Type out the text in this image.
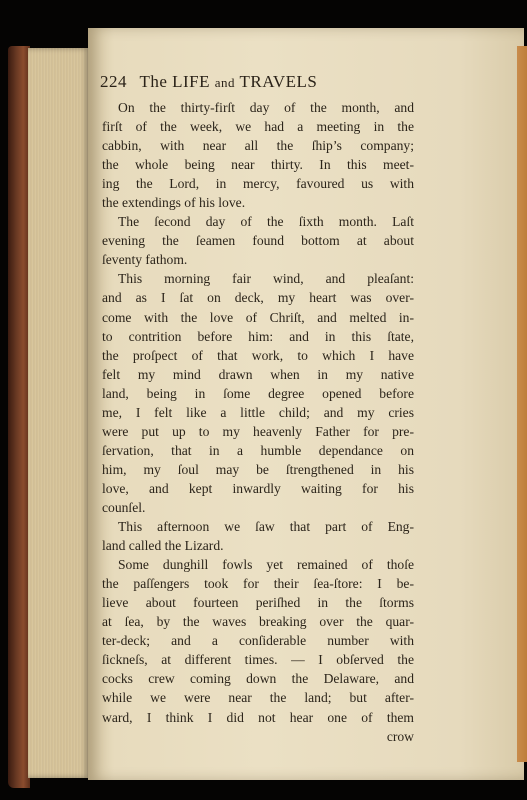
224 The LIFE and TRAVELS
On the thirty-firſt day of the month, and
firſt of the week, we had a meeting in the
cabbin, with near all the ſhip’s company;
the whole being near thirty. In this meet-
ing the Lord, in mercy, favoured us with
the extendings of his love.
The ſecond day of the ſixth month. Laſt
evening the ſeamen found bottom at about
ſeventy fathom.
This morning fair wind, and pleaſant:
and as I ſat on deck, my heart was over-
come with the love of Chriſt, and melted in-
to contrition before him: and in this ſtate,
the proſpect of that work, to which I have
felt my mind drawn when in my native
land, being in ſome degree opened before
me, I felt like a little child; and my cries
were put up to my heavenly Father for pre-
ſervation, that in a humble dependance on
him, my ſoul may be ſtrengthened in his
love, and kept inwardly waiting for his
counſel.
This afternoon we ſaw that part of Eng-
land called the Lizard.
Some dunghill fowls yet remained of thoſe
the paſſengers took for their ſea-ſtore: I be-
lieve about fourteen periſhed in the ſtorms
at ſea, by the waves breaking over the quar-
ter-deck; and a conſiderable number with
ſickneſs, at different times. — I obſerved the
cocks crew coming down the Delaware, and
while we were near the land; but after-
ward, I think I did not hear one of them
crow
